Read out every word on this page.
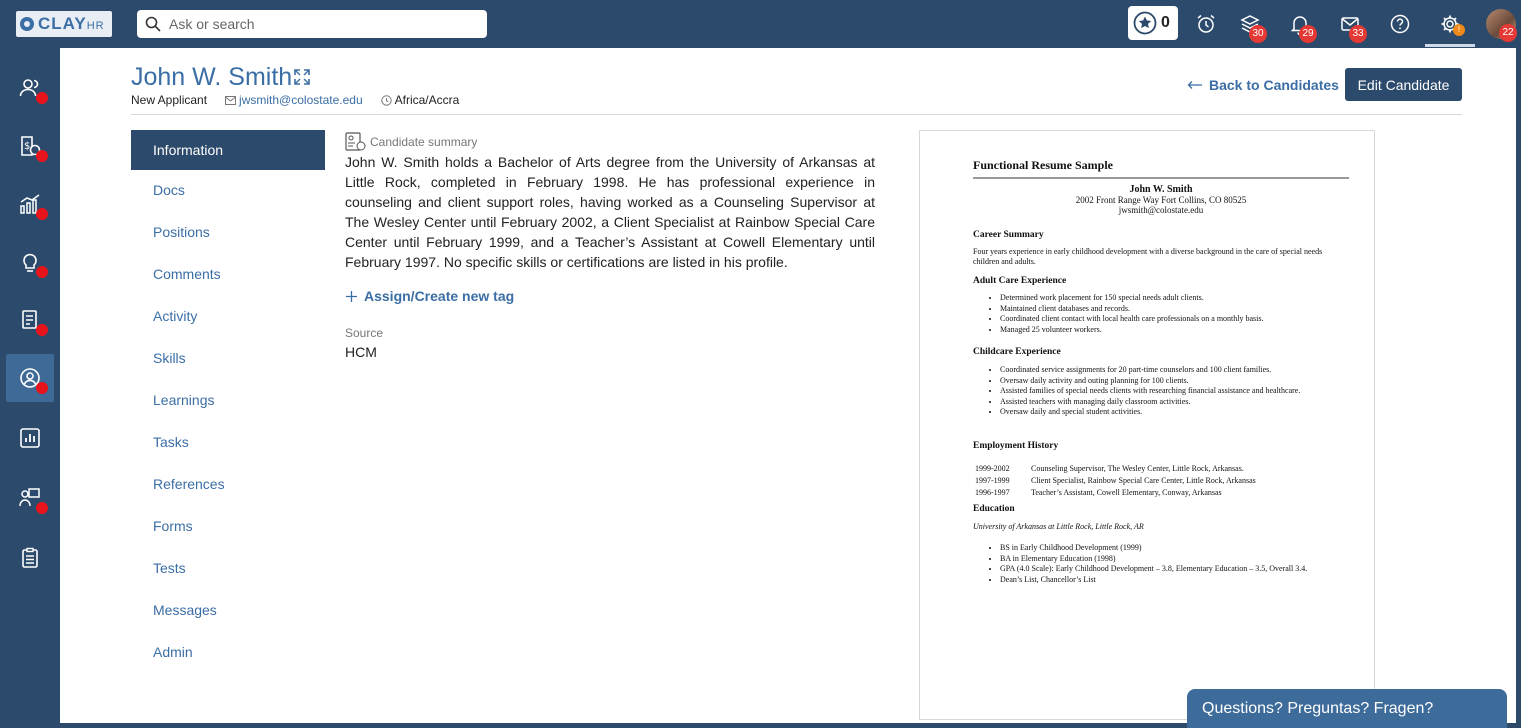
CLAYHR
Ask or search	0
30	29	33	!	22
$
John W. Smith
New Applicant	jwsmith@colostate.edu	Africa/Accra
Back to Candidates	Edit Candidate
Information
Docs
Positions
Comments
Activity
Skills
Learnings
Tasks
References
Forms
Tests
Messages
Admin
Candidate summary
John W. Smith holds a Bachelor of Arts degree from the University of Arkansas at Little Rock, completed in February 1998. He has professional experience in counseling and client support roles, having worked as a Counseling Supervisor at The Wesley Center until February 2002, a Client Specialist at Rainbow Special Care Center until February 1999, and a Teacher’s Assistant at Cowell Elementary until February 1997. No specific skills or certifications are listed in his profile.
Assign/Create new tag
Source
HCM
Functional Resume Sample
John W. Smith
2002 Front Range Way Fort Collins, CO 80525
jwsmith@colostate.edu
Career Summary
Four years experience in early childhood development with a diverse background in the care of special needs children and adults.
Adult Care Experience
• Determined work placement for 150 special needs adult clients.
• Maintained client databases and records.
• Coordinated client contact with local health care professionals on a monthly basis.
• Managed 25 volunteer workers.
Childcare Experience
• Coordinated service assignments for 20 part-time counselors and 100 client families.
• Oversaw daily activity and outing planning for 100 clients.
• Assisted families of special needs clients with researching financial assistance and healthcare.
• Assisted teachers with managing daily classroom activities.
• Oversaw daily and special student activities.
Employment History
1999-2002	Counseling Supervisor, The Wesley Center, Little Rock, Arkansas.
1997-1999	Client Specialist, Rainbow Special Care Center, Little Rock, Arkansas
1996-1997	Teacher’s Assistant, Cowell Elementary, Conway, Arkansas
Education
University of Arkansas at Little Rock, Little Rock, AR
• BS in Early Childhood Development (1999)
• BA in Elementary Education (1998)
• GPA (4.0 Scale): Early Childhood Development – 3.8, Elementary Education – 3.5, Overall 3.4.
• Dean’s List, Chancellor’s List
Questions? Preguntas? Fragen?
